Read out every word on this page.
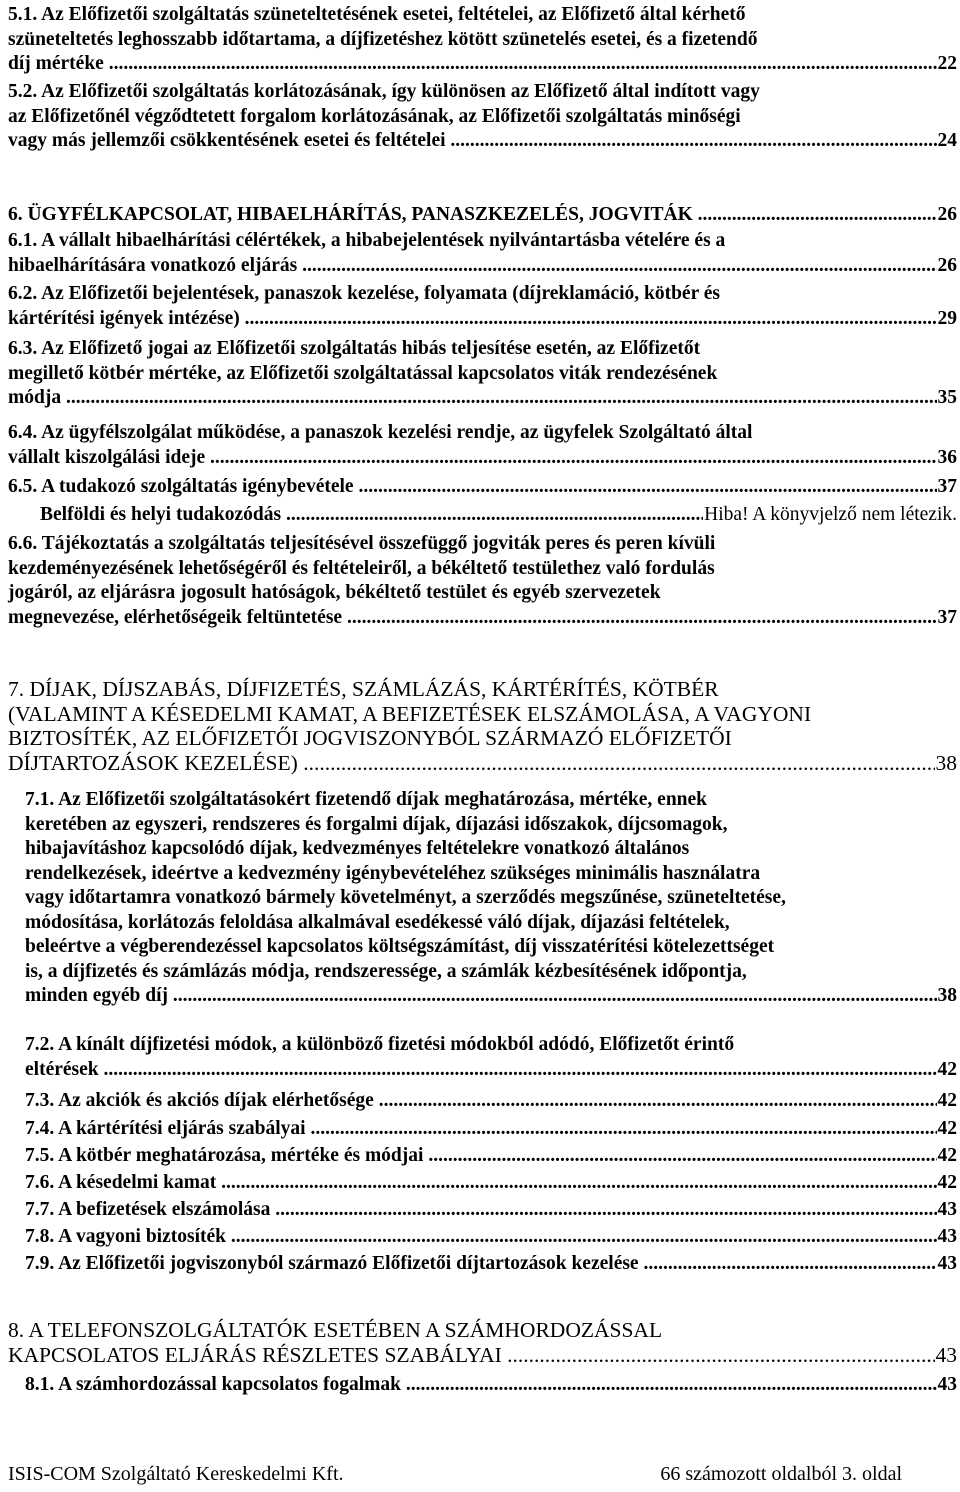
5.1. Az Előfizetői szolgáltatás szüneteltetésének esetei, feltételei, az Előfizető által kérhető
szüneteltetés leghosszabb időtartama, a díjfizetéshez kötött szünetelés esetei, és a fizetendő
díj mértéke .....	22
5.2. Az Előfizetői szolgáltatás korlátozásának, így különösen az Előfizető által indított vagy
az Előfizetőnél végződtetett forgalom korlátozásának, az Előfizetői szolgáltatás minőségi
vagy más jellemzői csökkentésének esetei és feltételei .....	24
6. ÜGYFÉLKAPCSOLAT, HIBAELHÁRÍTÁS, PANASZKEZELÉS, JOGVITÁK .....	26
6.1. A vállalt hibaelhárítási célértékek, a hibabejelentések nyilvántartásba vételére és a
hibaelhárítására vonatkozó eljárás .....	26
6.2. Az Előfizetői bejelentések, panaszok kezelése, folyamata (díjreklamáció, kötbér és
kártérítési igények intézése) .....	29
6.3. Az Előfizető jogai az Előfizetői szolgáltatás hibás teljesítése esetén, az Előfizetőt
megillető kötbér mértéke, az Előfizetői szolgáltatással kapcsolatos viták rendezésének
módja .....	35
6.4. Az ügyfélszolgálat működése, a panaszok kezelési rendje, az ügyfelek Szolgáltató által
vállalt kiszolgálási ideje .....	36
6.5. A tudakozó szolgáltatás igénybevétele .....	37
Belföldi és helyi tudakozódás .....	Hiba! A könyvjelző nem létezik.
6.6. Tájékoztatás a szolgáltatás teljesítésével összefüggő jogviták peres és peren kívüli
kezdeményezésének lehetőségéről és feltételeiről, a békéltető testülethez való fordulás
jogáról, az eljárásra jogosult hatóságok, békéltető testület és egyéb szervezetek
megnevezése, elérhetőségeik feltüntetése .....	37
7. DÍJAK, DÍJSZABÁS, DÍJFIZETÉS, SZÁMLÁZÁS, KÁRTÉRÍTÉS, KÖTBÉR
(VALAMINT A KÉSEDELMI KAMAT, A BEFIZETÉSEK ELSZÁMOLÁSA, A VAGYONI
BIZTOSÍTÉK, AZ ELŐFIZETŐI JOGVISZONYBÓL SZÁRMAZÓ ELŐFIZETŐI
DÍJTARTOZÁSOK KEZELÉSE) .....	38
7.1. Az Előfizetői szolgáltatásokért fizetendő díjak meghatározása, mértéke, ennek
keretében az egyszeri, rendszeres és forgalmi díjak, díjazási időszakok, díjcsomagok,
hibajavításhoz kapcsolódó díjak, kedvezményes feltételekre vonatkozó általános
rendelkezések, ideértve a kedvezmény igénybevételéhez szükséges minimális használatra
vagy időtartamra vonatkozó bármely követelményt, a szerződés megszűnése, szüneteltetése,
módosítása, korlátozás feloldása alkalmával esedékessé váló díjak, díjazási feltételek,
beleértve a végberendezéssel kapcsolatos költségszámítást, díj visszatérítési kötelezettséget
is, a díjfizetés és számlázás módja, rendszeressége, a számlák kézbesítésének időpontja,
minden egyéb díj .....	38
7.2. A kínált díjfizetési módok, a különböző fizetési módokból adódó, Előfizetőt érintő
eltérések .....	42
7.3. Az akciók és akciós díjak elérhetősége .....	42
7.4. A kártérítési eljárás szabályai .....	42
7.5. A kötbér meghatározása, mértéke és módjai .....	42
7.6. A késedelmi kamat .....	42
7.7. A befizetések elszámolása .....	43
7.8. A vagyoni biztosíték .....	43
7.9. Az Előfizetői jogviszonyból származó Előfizetői díjtartozások kezelése .....	43
8. A TELEFONSZOLGÁLTATÓK ESETÉBEN A SZÁMHORDOZÁSSAL
KAPCSOLATOS ELJÁRÁS RÉSZLETES SZABÁLYAI .....	43
8.1. A számhordozással kapcsolatos fogalmak .....	43
ISIS-COM Szolgáltató Kereskedelmi Kft.	66 számozott oldalból 3. oldal
